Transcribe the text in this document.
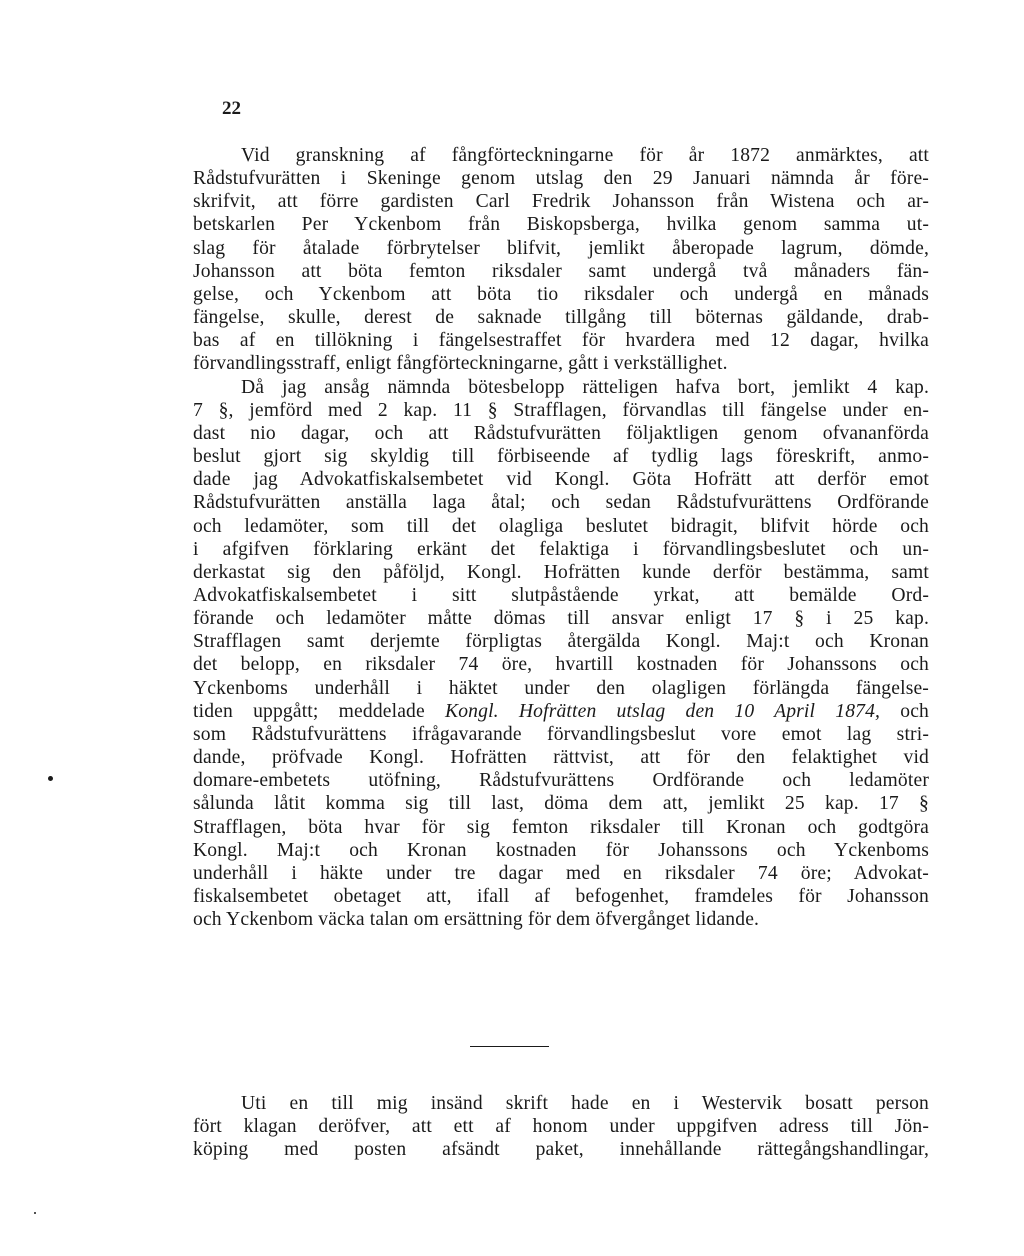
22
Vid granskning af fångförteckningarne för år 1872 anmärktes, att
Rådstufvurätten i Skeninge genom utslag den 29 Januari nämnda år före-
skrifvit, att förre gardisten Carl Fredrik Johansson från Wistena och ar-
betskarlen Per Yckenbom från Biskopsberga, hvilka genom samma ut-
slag för åtalade förbrytelser blifvit, jemlikt åberopade lagrum, dömde,
Johansson att böta femton riksdaler samt undergå två månaders fän-
gelse, och Yckenbom att böta tio riksdaler och undergå en månads
fängelse, skulle, derest de saknade tillgång till böternas gäldande, drab-
bas af en tillökning i fängelsestraffet för hvardera med 12 dagar, hvilka
förvandlingsstraff, enligt fångförteckningarne, gått i verkställighet.
Då jag ansåg nämnda bötesbelopp rätteligen hafva bort, jemlikt 4 kap.
7 §, jemförd med 2 kap. 11 § Strafflagen, förvandlas till fängelse under en-
dast nio dagar, och att Rådstufvurätten följaktligen genom ofvananförda
beslut gjort sig skyldig till förbiseende af tydlig lags föreskrift, anmo-
dade jag Advokatfiskalsembetet vid Kongl. Göta Hofrätt att derför emot
Rådstufvurätten anställa laga åtal; och sedan Rådstufvurättens Ordförande
och ledamöter, som till det olagliga beslutet bidragit, blifvit hörde och
i afgifven förklaring erkänt det felaktiga i förvandlingsbeslutet och un-
derkastat sig den påföljd, Kongl. Hofrätten kunde derför bestämma, samt
Advokatfiskalsembetet i sitt slutpåstående yrkat, att bemälde Ord-
förande och ledamöter måtte dömas till ansvar enligt 17 § i 25 kap.
Strafflagen samt derjemte förpligtas återgälda Kongl. Maj:t och Kronan
det belopp, en riksdaler 74 öre, hvartill kostnaden för Johanssons och
Yckenboms underhåll i häktet under den olagligen förlängda fängelse-
tiden uppgått; meddelade Kongl. Hofrätten utslag den 10 April 1874, och
som Rådstufvurättens ifrågavarande förvandlingsbeslut vore emot lag stri-
dande, pröfvade Kongl. Hofrätten rättvist, att för den felaktighet vid
domare-embetets utöfning, Rådstufvurättens Ordförande och ledamöter
sålunda låtit komma sig till last, döma dem att, jemlikt 25 kap. 17 §
Strafflagen, böta hvar för sig femton riksdaler till Kronan och godtgöra
Kongl. Maj:t och Kronan kostnaden för Johanssons och Yckenboms
underhåll i häkte under tre dagar med en riksdaler 74 öre; Advokat-
fiskalsembetet obetaget att, ifall af befogenhet, framdeles för Johansson
och Yckenbom väcka talan om ersättning för dem öfvergånget lidande.
Uti en till mig insänd skrift hade en i Westervik bosatt person
fört klagan deröfver, att ett af honom under uppgifven adress till Jön-
köping med posten afsändt paket, innehållande rättegångshandlingar,
